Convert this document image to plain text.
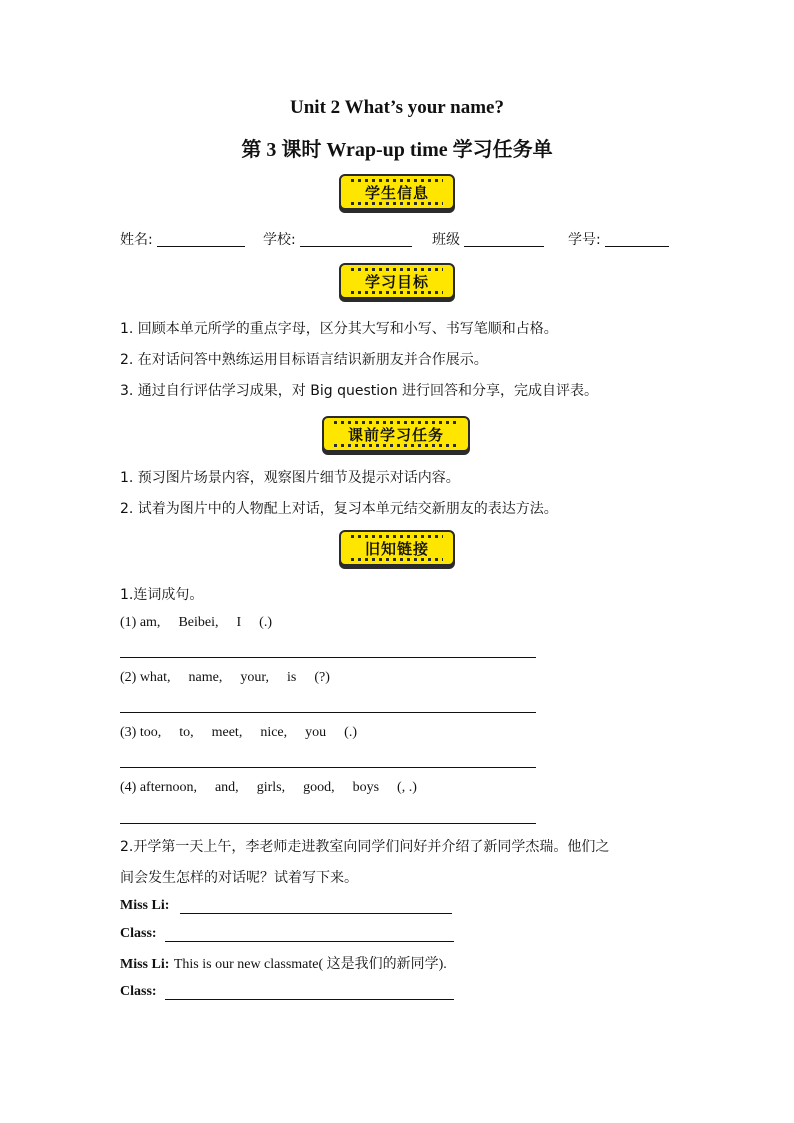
Unit 2 What’s your name?
第 3 课时 Wrap-up time 学习任务单
学生信息
姓名:	学校:	班级	学号:
学习目标
1. 回顾本单元所学的重点字母，区分其大写和小写、书写笔顺和占格。
2. 在对话问答中熟练运用目标语言结识新朋友并合作展示。
3. 通过自行评估学习成果，对 Big question 进行回答和分享，完成自评表。
课前学习任务
1. 预习图片场景内容，观察图片细节及提示对话内容。
2. 试着为图片中的人物配上对话，复习本单元结交新朋友的表达方法。
旧知链接
1.连词成句。
(1) am, Beibei, I (.)
(2) what, name, your, is (?)
(3) too, to, meet, nice, you (.)
(4) afternoon, and, girls, good, boys (, .)
2.开学第一天上午，李老师走进教室向同学们问好并介绍了新同学杰瑞。他们之
间会发生怎样的对话呢？试着写下来。
Miss Li:
Class:
Miss Li: This is our new classmate( 这是我们的新同学).
Class:
